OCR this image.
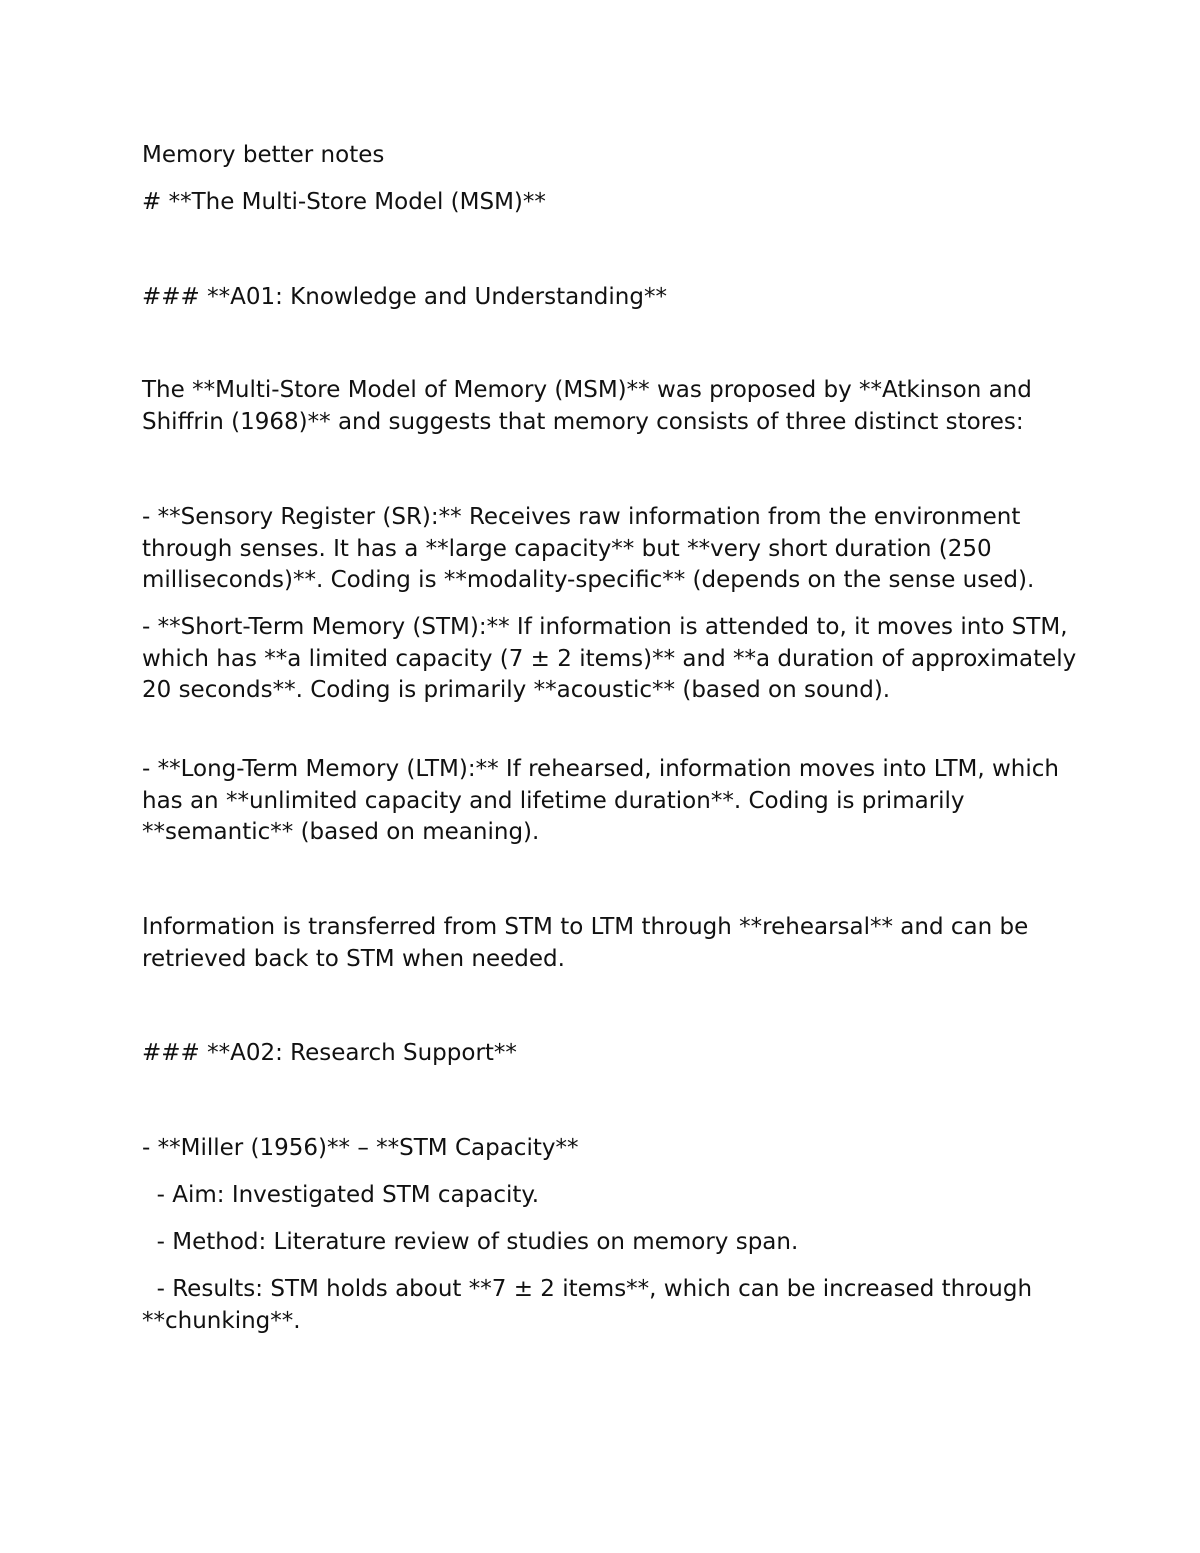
Memory better notes

# **The Multi-Store Model (MSM)**

### **A01: Knowledge and Understanding**

The **Multi-Store Model of Memory (MSM)** was proposed by **Atkinson and Shiffrin (1968)** and suggests that memory consists of three distinct stores:

- **Sensory Register (SR):** Receives raw information from the environment through senses. It has a **large capacity** but **very short duration (250 milliseconds)**. Coding is **modality-specific** (depends on the sense used).

- **Short-Term Memory (STM):** If information is attended to, it moves into STM, which has **a limited capacity (7 ± 2 items)** and **a duration of approximately 20 seconds**. Coding is primarily **acoustic** (based on sound).

- **Long-Term Memory (LTM):** If rehearsed, information moves into LTM, which has an **unlimited capacity and lifetime duration**. Coding is primarily **semantic** (based on meaning).

Information is transferred from STM to LTM through **rehearsal** and can be retrieved back to STM when needed.

### **A02: Research Support**

- **Miller (1956)** – **STM Capacity**

- Aim: Investigated STM capacity.

- Method: Literature review of studies on memory span.

- Results: STM holds about **7 ± 2 items**, which can be increased through **chunking**.
